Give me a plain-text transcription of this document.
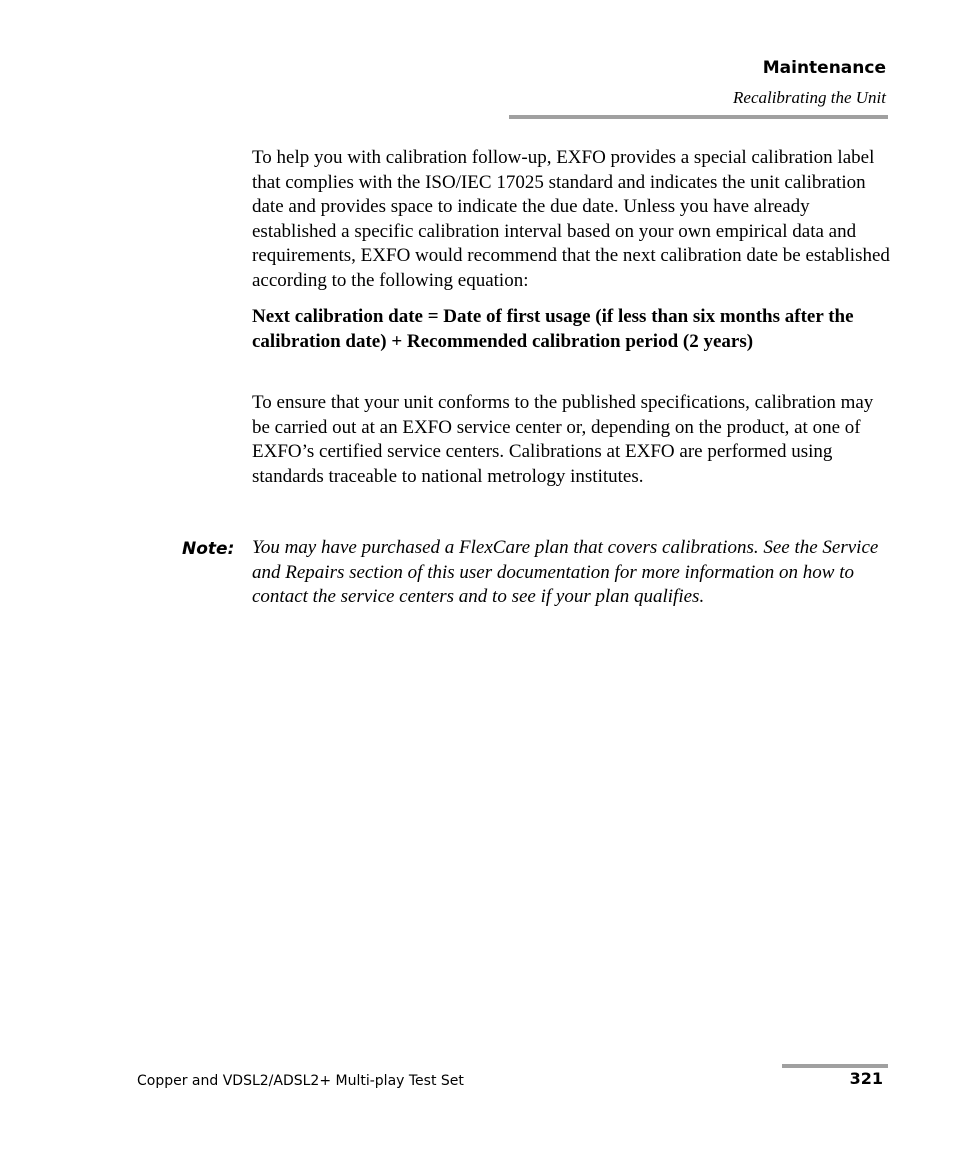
Maintenance
Recalibrating the Unit

To help you with calibration follow-up, EXFO provides a special calibration label that complies with the ISO/IEC 17025 standard and indicates the unit calibration date and provides space to indicate the due date. Unless you have already established a specific calibration interval based on your own empirical data and requirements, EXFO would recommend that the next calibration date be established according to the following equation:

Next calibration date = Date of first usage (if less than six months after the calibration date) + Recommended calibration period (2 years)

To ensure that your unit conforms to the published specifications, calibration may be carried out at an EXFO service center or, depending on the product, at one of EXFO’s certified service centers. Calibrations at EXFO are performed using standards traceable to national metrology institutes.

Note: You may have purchased a FlexCare plan that covers calibrations. See the Service and Repairs section of this user documentation for more information on how to contact the service centers and to see if your plan qualifies.

Copper and VDSL2/ADSL2+ Multi-play Test Set	321
